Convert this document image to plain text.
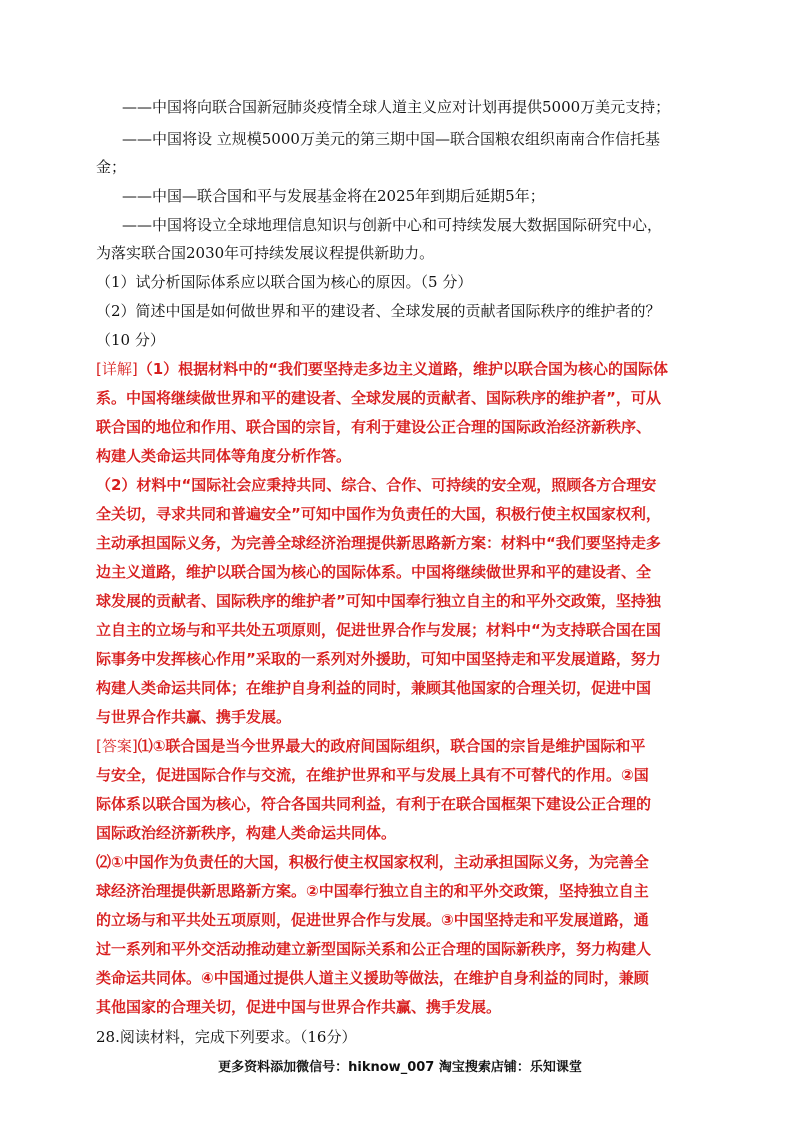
——中国将向联合国新冠肺炎疫情全球人道主义应对计划再提供5000万美元支持；
——中国将设 立规模5000万美元的第三期中国—联合国粮农组织南南合作信托基
金；
——中国—联合国和平与发展基金将在2025年到期后延期5年；
——中国将设立全球地理信息知识与创新中心和可持续发展大数据国际研究中心，
为落实联合国2030年可持续发展议程提供新助力。
（1）试分析国际体系应以联合国为核心的原因。（5 分）
（2）简述中国是如何做世界和平的建设者、全球发展的贡献者国际秩序的维护者的？
（10 分）
[详解]（1）根据材料中的“我们要坚持走多边主义道路，维护以联合国为核心的国际体
系。中国将继续做世界和平的建设者、全球发展的贡献者、国际秩序的维护者”，可从
联合国的地位和作用、联合国的宗旨，有利于建设公正合理的国际政治经济新秩序、
构建人类命运共同体等角度分析作答。
（2）材料中“国际社会应秉持共同、综合、合作、可持续的安全观，照顾各方合理安
全关切，寻求共同和普遍安全”可知中国作为负责任的大国，积极行使主权国家权利，
主动承担国际义务，为完善全球经济治理提供新思路新方案：材料中“我们要坚持走多
边主义道路，维护以联合国为核心的国际体系。中国将继续做世界和平的建设者、全
球发展的贡献者、国际秩序的维护者”可知中国奉行独立自主的和平外交政策，坚持独
立自主的立场与和平共处五项原则，促进世界合作与发展；材料中“为支持联合国在国
际事务中发挥核心作用”采取的一系列对外援助，可知中国坚持走和平发展道路，努力
构建人类命运共同体；在维护自身利益的同时，兼顾其他国家的合理关切，促进中国
与世界合作共赢、携手发展。
[答案]⑴①联合国是当今世界最大的政府间国际组织，联合国的宗旨是维护国际和平
与安全，促进国际合作与交流，在维护世界和平与发展上具有不可替代的作用。②国
际体系以联合国为核心，符合各国共同利益，有利于在联合国框架下建设公正合理的
国际政治经济新秩序，构建人类命运共同体。
⑵①中国作为负责任的大国，积极行使主权国家权利，主动承担国际义务，为完善全
球经济治理提供新思路新方案。②中国奉行独立自主的和平外交政策，坚持独立自主
的立场与和平共处五项原则，促进世界合作与发展。③中国坚持走和平发展道路，通
过一系列和平外交活动推动建立新型国际关系和公正合理的国际新秩序，努力构建人
类命运共同体。④中国通过提供人道主义援助等做法，在维护自身利益的同时，兼顾
其他国家的合理关切，促进中国与世界合作共赢、携手发展。
28.阅读材料，完成下列要求。（16分）
更多资料添加微信号：hiknow_007 淘宝搜索店铺：乐知课堂
